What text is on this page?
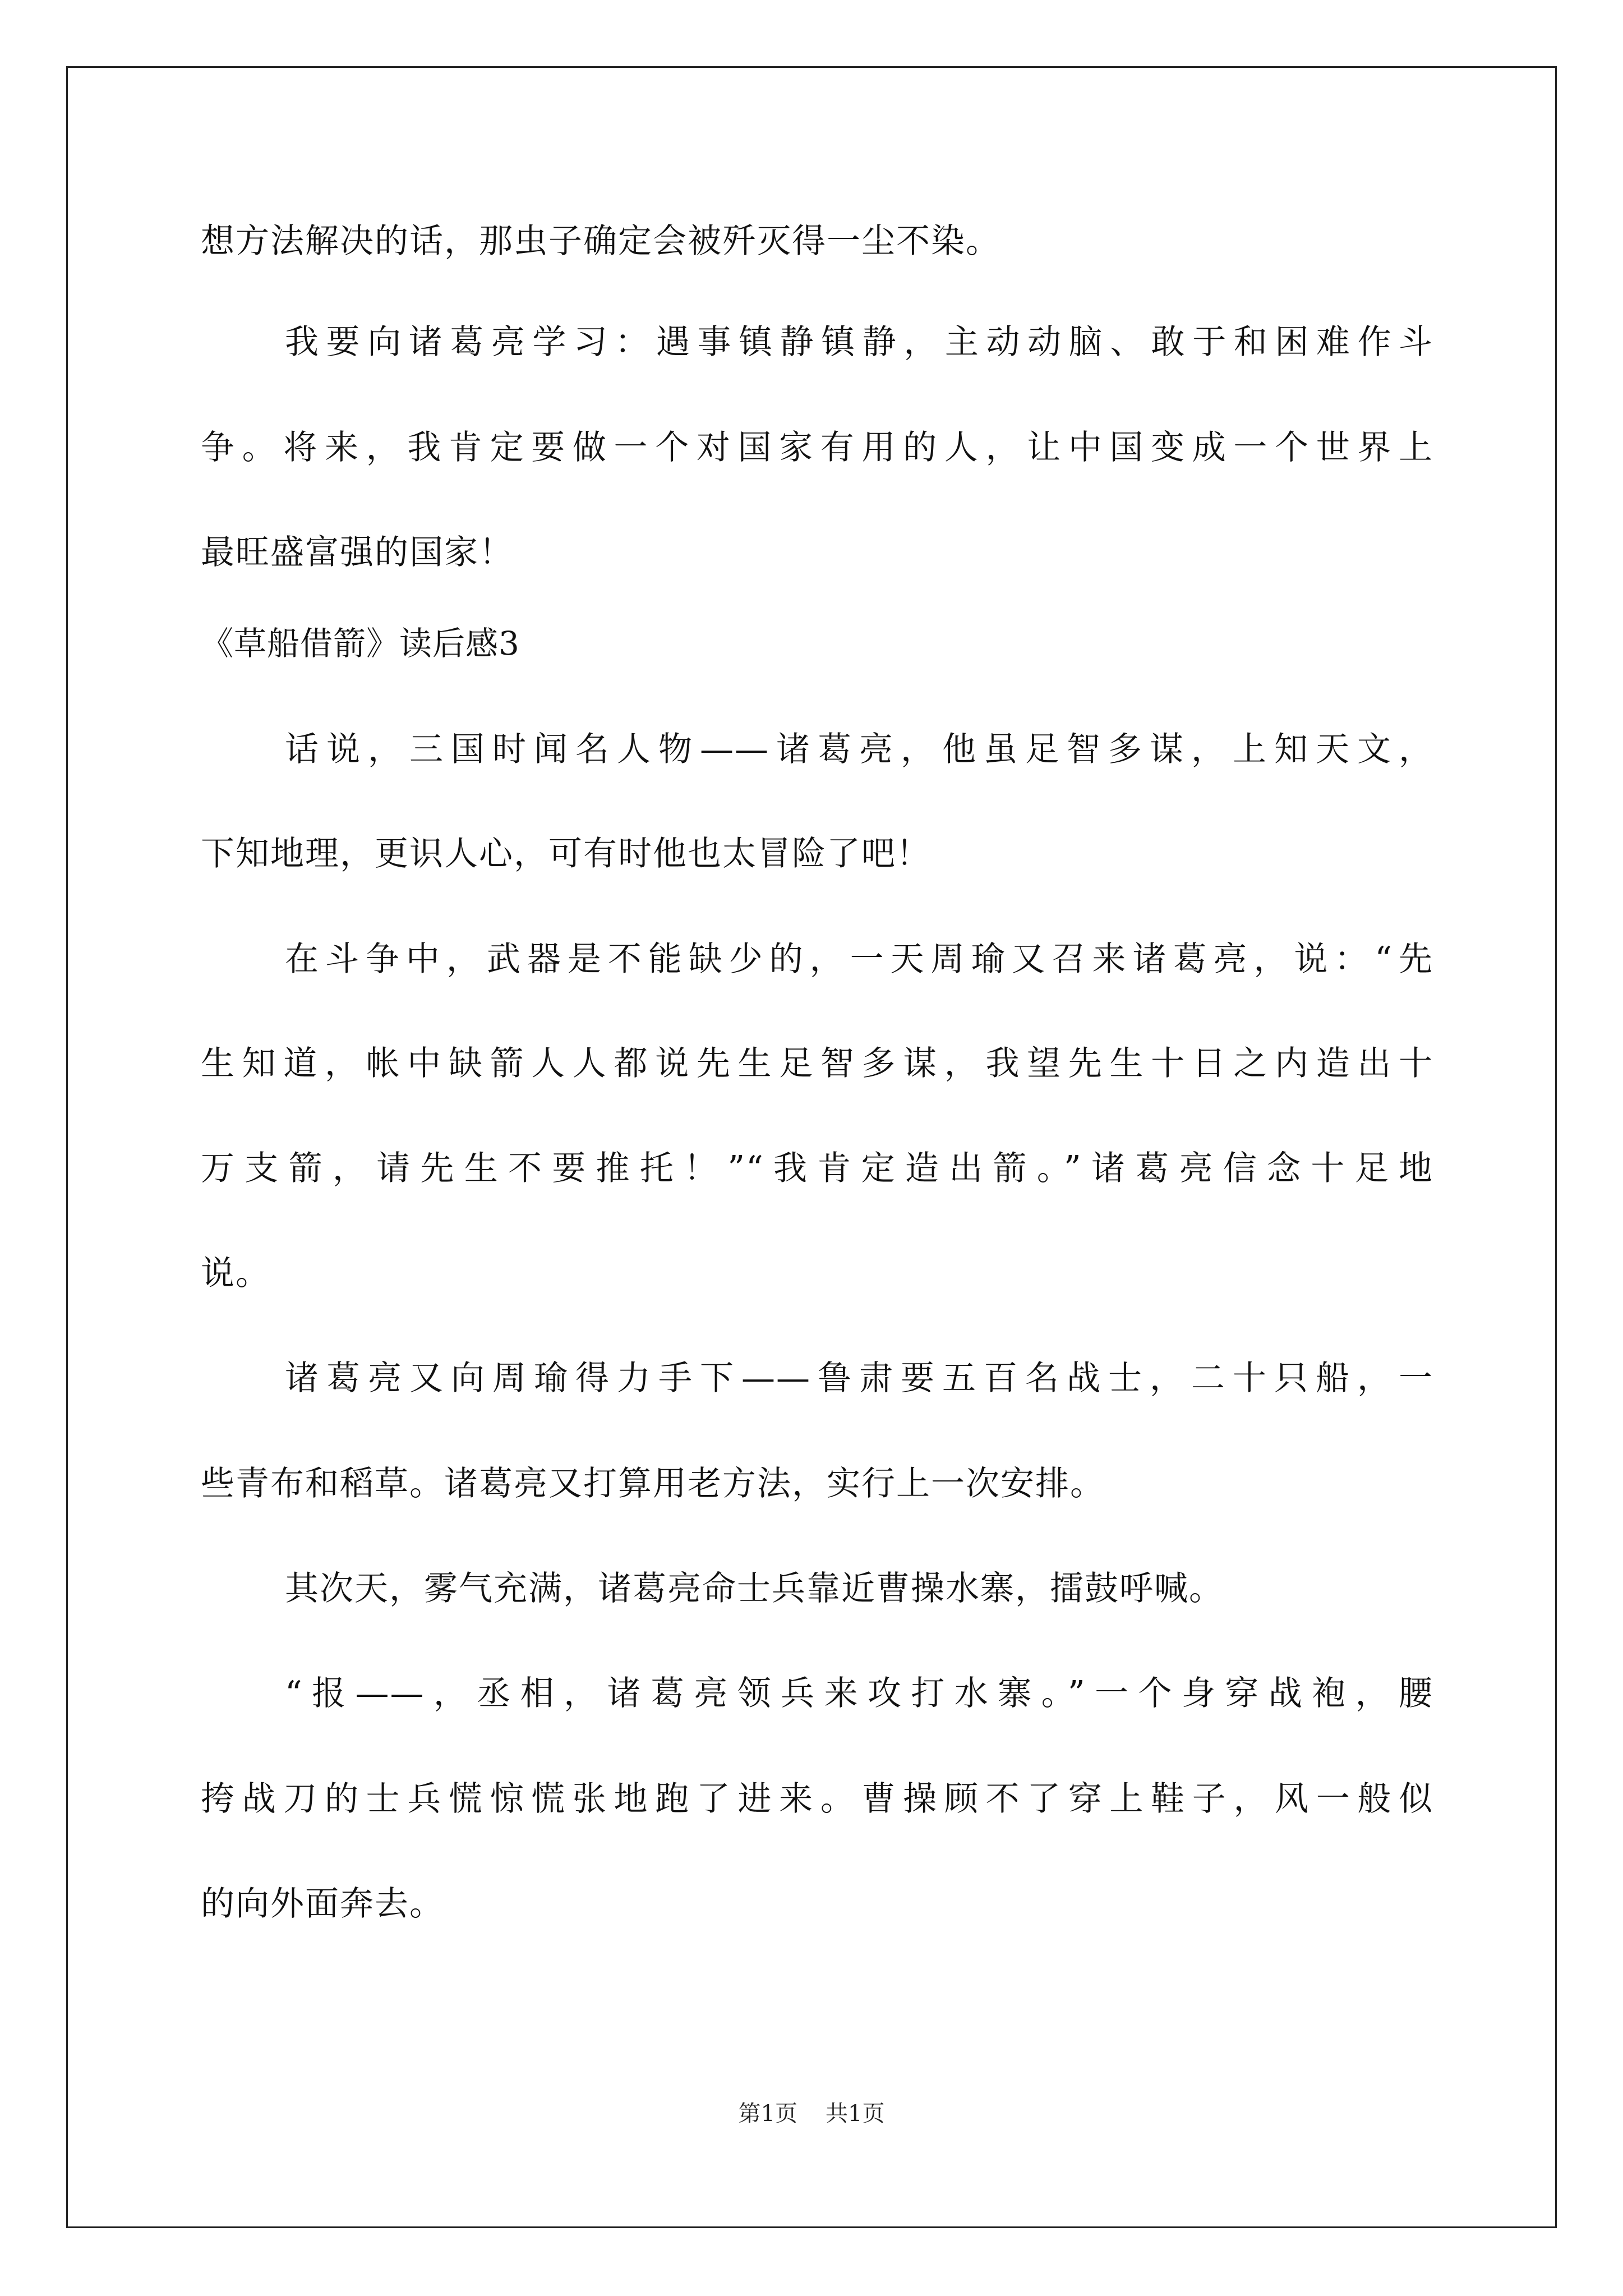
想方法解决的话，那虫子确定会被歼灭得一尘不染。
我要向诸葛亮学习：遇事镇静镇静，主动动脑、敢于和困难作斗
争。将来，我肯定要做一个对国家有用的人，让中国变成一个世界上
最旺盛富强的国家！
《草船借箭》读后感3
话说，三国时闻名人物——诸葛亮，他虽足智多谋，上知天文，
下知地理，更识人心，可有时他也太冒险了吧！
在斗争中，武器是不能缺少的，一天周瑜又召来诸葛亮，说：“先
生知道，帐中缺箭人人都说先生足智多谋，我望先生十日之内造出十
万支箭，请先生不要推托！”“我肯定造出箭。”诸葛亮信念十足地
说。
诸葛亮又向周瑜得力手下——鲁肃要五百名战士，二十只船，一
些青布和稻草。诸葛亮又打算用老方法，实行上一次安排。
其次天，雾气充满，诸葛亮命士兵靠近曹操水寨，擂鼓呼喊。
“报——，丞相，诸葛亮领兵来攻打水寨。”一个身穿战袍，腰
挎战刀的士兵慌惊慌张地跑了进来。曹操顾不了穿上鞋子，风一般似
的向外面奔去。
第1页 共1页
